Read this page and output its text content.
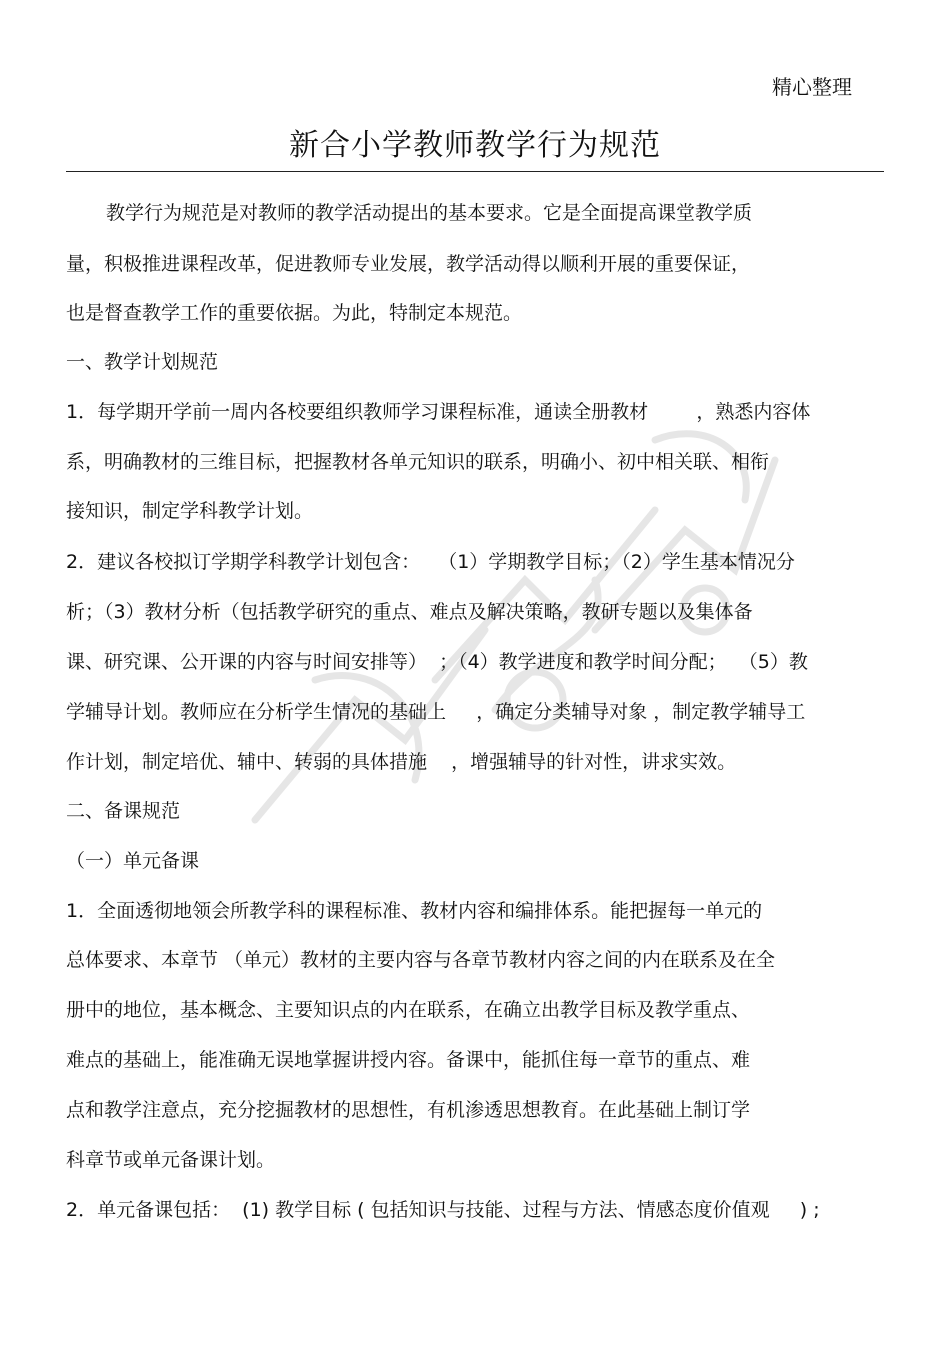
精心整理
新合小学教师教学行为规范
教学行为规范是对教师的教学活动提出的基本要求。它是全面提高课堂教学质
量，积极推进课程改革，促进教师专业发展，教学活动得以顺利开展的重要保证，
也是督查教学工作的重要依据。为此，特制定本规范。
一、教学计划规范
1．每学期开学前一周内各校要组织教师学习课程标准，通读全册教材        ，熟悉内容体
系，明确教材的三维目标，把握教材各单元知识的联系，明确小、初中相关联、相衔
接知识，制定学科教学计划。
2．建议各校拟订学期学科教学计划包含：   （1）学期教学目标；（2）学生基本情况分
析；（3）教材分析（包括教学研究的重点、难点及解决策略，教研专题以及集体备
课、研究课、公开课的内容与时间安排等）  ；（4）教学进度和教学时间分配；  （5）教
学辅导计划。教师应在分析学生情况的基础上     ，确定分类辅导对象 ，制定教学辅导工
作计划，制定培优、辅中、转弱的具体措施    ，增强辅导的针对性，讲求实效。
二、备课规范
（一）单元备课
1．全面透彻地领会所教学科的课程标准、教材内容和编排体系。能把握每一单元的
总体要求、本章节 （单元）教材的主要内容与各章节教材内容之间的内在联系及在全
册中的地位，基本概念、主要知识点的内在联系，在确立出教学目标及教学重点、
难点的基础上，能准确无误地掌握讲授内容。备课中，能抓住每一章节的重点、难
点和教学注意点，充分挖掘教材的思想性，有机渗透思想教育。在此基础上制订学
科章节或单元备课计划。
2．单元备课包括：  (1) 教学目标 ( 包括知识与技能、过程与方法、情感态度价值观     ) ;
